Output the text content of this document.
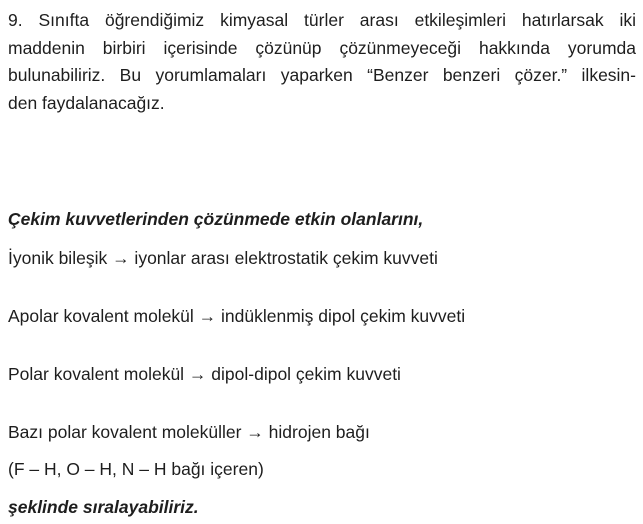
9. Sınıfta öğrendiğimiz kimyasal türler arası etkileşimleri hatırlarsak iki
maddenin birbiri içerisinde çözünüp çözünmeyeceği hakkında yorumda
bulunabiliriz. Bu yorumlamaları yaparken “Benzer benzeri çözer.” ilkesin-
den faydalanacağız.

Çekim kuvvetlerinden çözünmede etkin olanlarını,

İyonik bileşik → iyonlar arası elektrostatik çekim kuvveti

Apolar kovalent molekül → indüklenmiş dipol çekim kuvveti

Polar kovalent molekül → dipol-dipol çekim kuvveti

Bazı polar kovalent moleküller → hidrojen bağı

(F – H, O – H, N – H bağı içeren)

şeklinde sıralayabiliriz.
